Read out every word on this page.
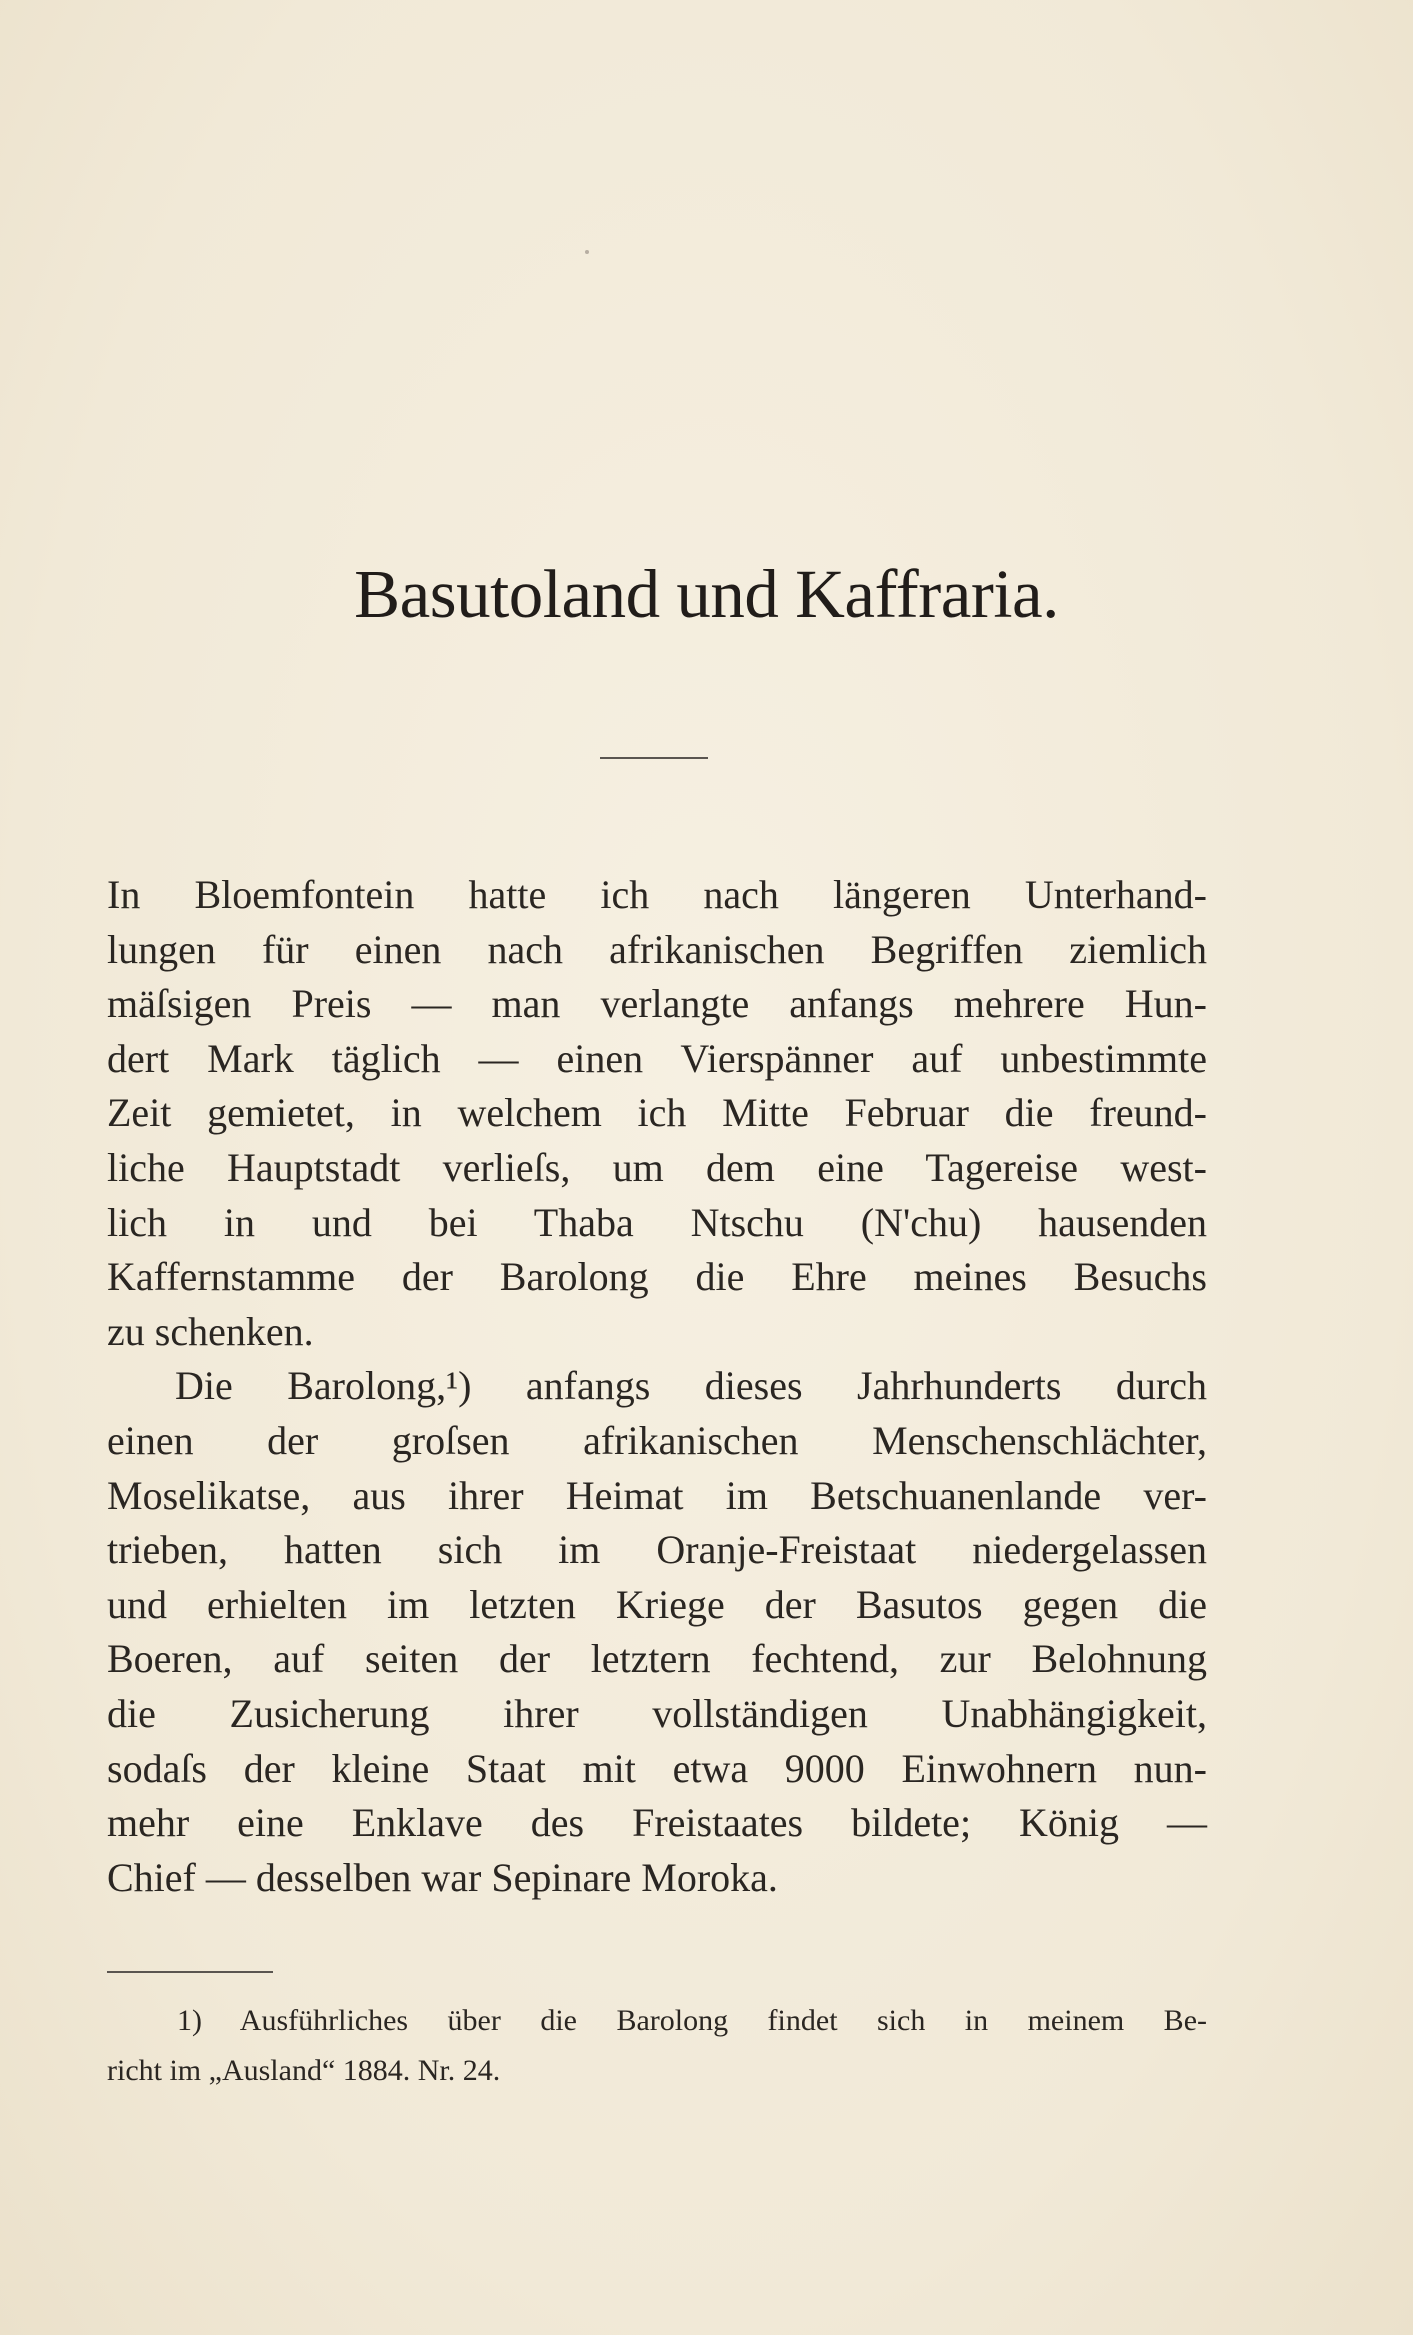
Basutoland und Kaffraria.

In Bloemfontein hatte ich nach längeren Unterhand-
lungen für einen nach afrikanischen Begriffen ziemlich
mäſsigen Preis — man verlangte anfangs mehrere Hun-
dert Mark täglich — einen Vierspänner auf unbestimmte
Zeit gemietet, in welchem ich Mitte Februar die freund-
liche Hauptstadt verlieſs, um dem eine Tagereise west-
lich in und bei Thaba Ntschu (N'chu) hausenden
Kaffernstamme der Barolong die Ehre meines Besuchs
zu schenken.

Die Barolong,¹) anfangs dieses Jahrhunderts durch
einen der groſsen afrikanischen Menschenschlächter,
Moselikatse, aus ihrer Heimat im Betschuanenlande ver-
trieben, hatten sich im Oranje-Freistaat niedergelassen
und erhielten im letzten Kriege der Basutos gegen die
Boeren, auf seiten der letztern fechtend, zur Belohnung
die Zusicherung ihrer vollständigen Unabhängigkeit,
sodaſs der kleine Staat mit etwa 9000 Einwohnern nun-
mehr eine Enklave des Freistaates bildete; König —
Chief — desselben war Sepinare Moroka.

1) Ausführliches über die Barolong findet sich in meinem Be-
richt im „Ausland“ 1884. Nr. 24.
